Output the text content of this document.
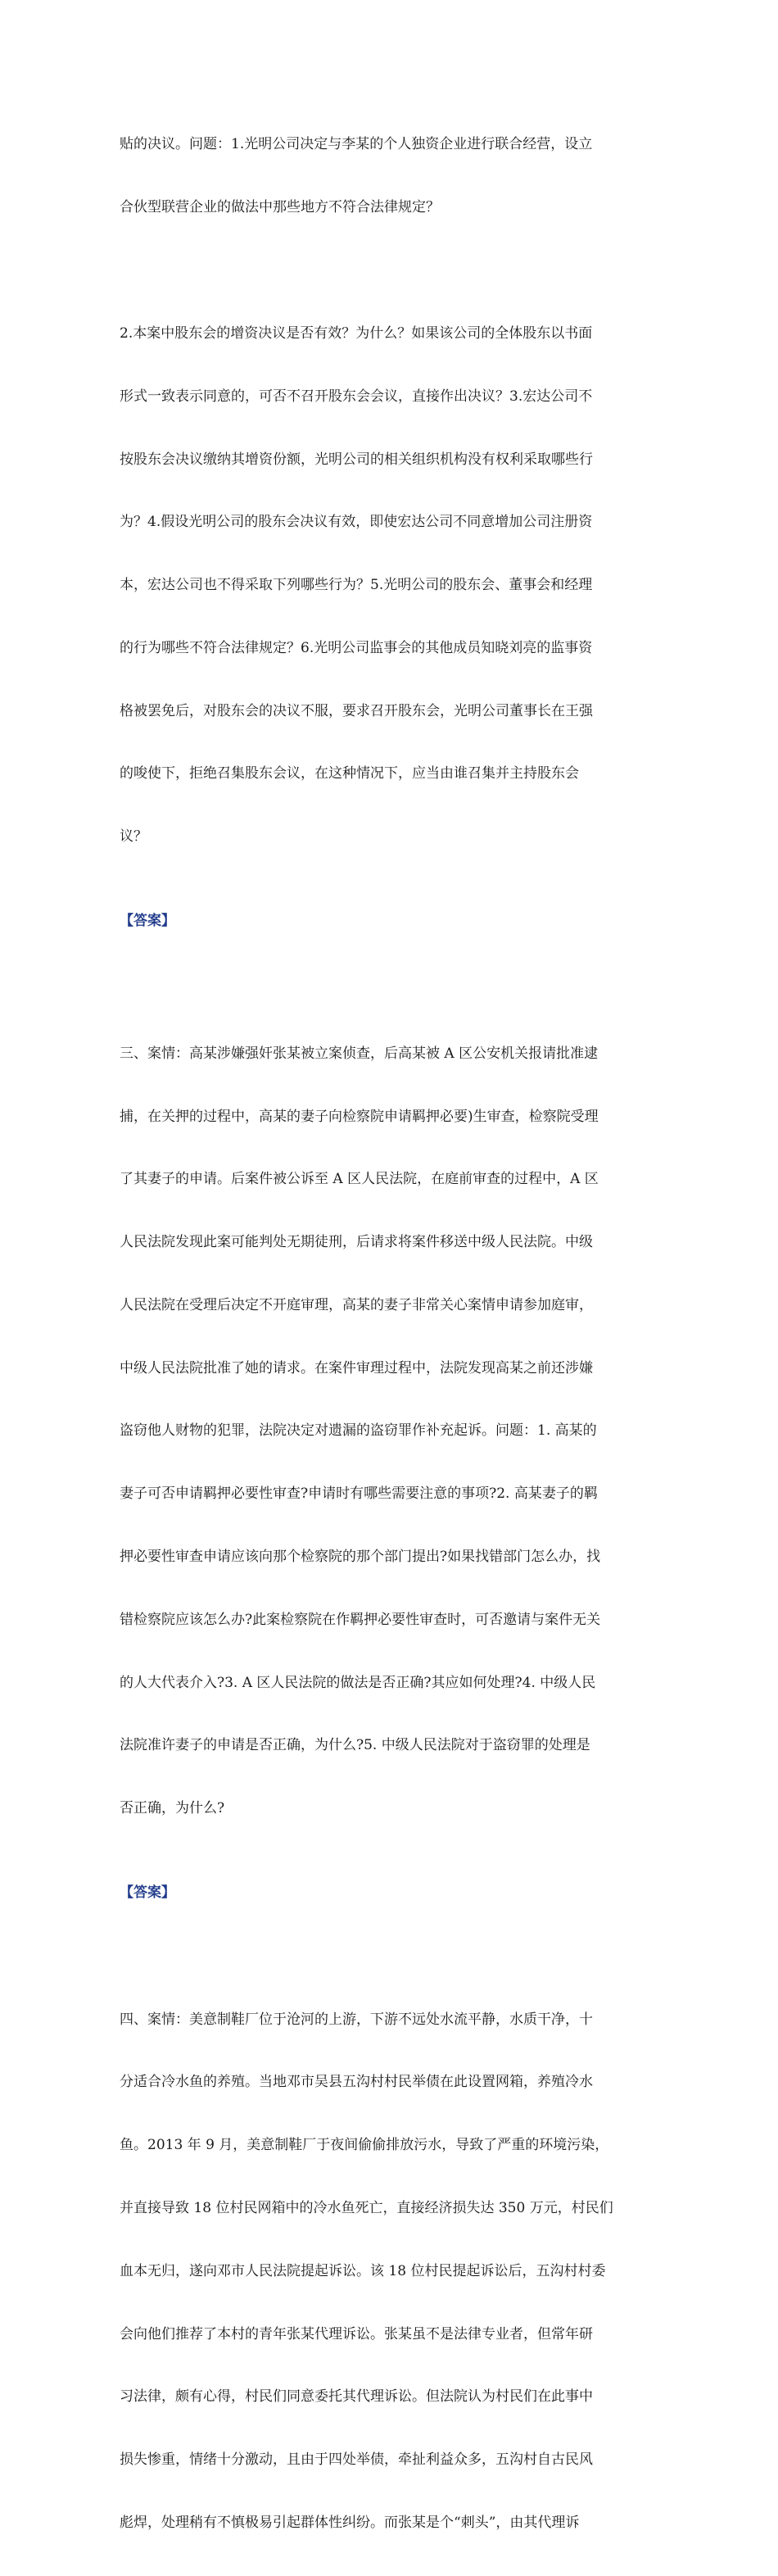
贴的决议。问题：1.光明公司决定与李某的个人独资企业进行联合经营，设立

合伙型联营企业的做法中那些地方不符合法律规定？

2.本案中股东会的增资决议是否有效？为什么？如果该公司的全体股东以书面

形式一致表示同意的，可否不召开股东会会议，直接作出决议？3.宏达公司不

按股东会决议缴纳其增资份额，光明公司的相关组织机构没有权利采取哪些行

为？4.假设光明公司的股东会决议有效，即使宏达公司不同意增加公司注册资

本，宏达公司也不得采取下列哪些行为？5.光明公司的股东会、董事会和经理

的行为哪些不符合法律规定？6.光明公司监事会的其他成员知晓刘亮的监事资

格被罢免后，对股东会的决议不服，要求召开股东会，光明公司董事长在王强

的唆使下，拒绝召集股东会议，在这种情况下，应当由谁召集并主持股东会

议？

【答案】

三、案情：高某涉嫌强奸张某被立案侦查，后高某被 A 区公安机关报请批准逮

捕，在关押的过程中，高某的妻子向检察院申请羁押必要)生审查，检察院受理

了其妻子的申请。后案件被公诉至 A 区人民法院，在庭前审查的过程中，A 区

人民法院发现此案可能判处无期徒刑，后请求将案件移送中级人民法院。中级

人民法院在受理后决定不开庭审理，高某的妻子非常关心案情申请参加庭审，

中级人民法院批准了她的请求。在案件审理过程中，法院发现高某之前还涉嫌

盗窃他人财物的犯罪，法院决定对遗漏的盗窃罪作补充起诉。问题：1. 高某的

妻子可否申请羁押必要性审查?申请时有哪些需要注意的事项?2. 高某妻子的羁

押必要性审查申请应该向那个检察院的那个部门提出?如果找错部门怎么办，找

错检察院应该怎么办?此案检察院在作羁押必要性审查时，可否邀请与案件无关

的人大代表介入?3. A 区人民法院的做法是否正确?其应如何处理?4. 中级人民

法院准许妻子的申请是否正确，为什么?5. 中级人民法院对于盗窃罪的处理是

否正确，为什么?

【答案】

四、案情：美意制鞋厂位于沧河的上游，下游不远处水流平静，水质干净，十

分适合冷水鱼的养殖。当地邓市吴县五沟村村民举债在此设置网箱，养殖冷水

鱼。2013 年 9 月，美意制鞋厂于夜间偷偷排放污水，导致了严重的环境污染，

并直接导致 18 位村民网箱中的冷水鱼死亡，直接经济损失达 350 万元，村民们

血本无归，遂向邓市人民法院提起诉讼。该 18 位村民提起诉讼后，五沟村村委

会向他们推荐了本村的青年张某代理诉讼。张某虽不是法律专业者，但常年研

习法律，颇有心得，村民们同意委托其代理诉讼。但法院认为村民们在此事中

损失惨重，情绪十分激动，且由于四处举债，牵扯利益众多，五沟村自古民风

彪焊，处理稍有不慎极易引起群体性纠纷。而张某是个“刺头”，由其代理诉
